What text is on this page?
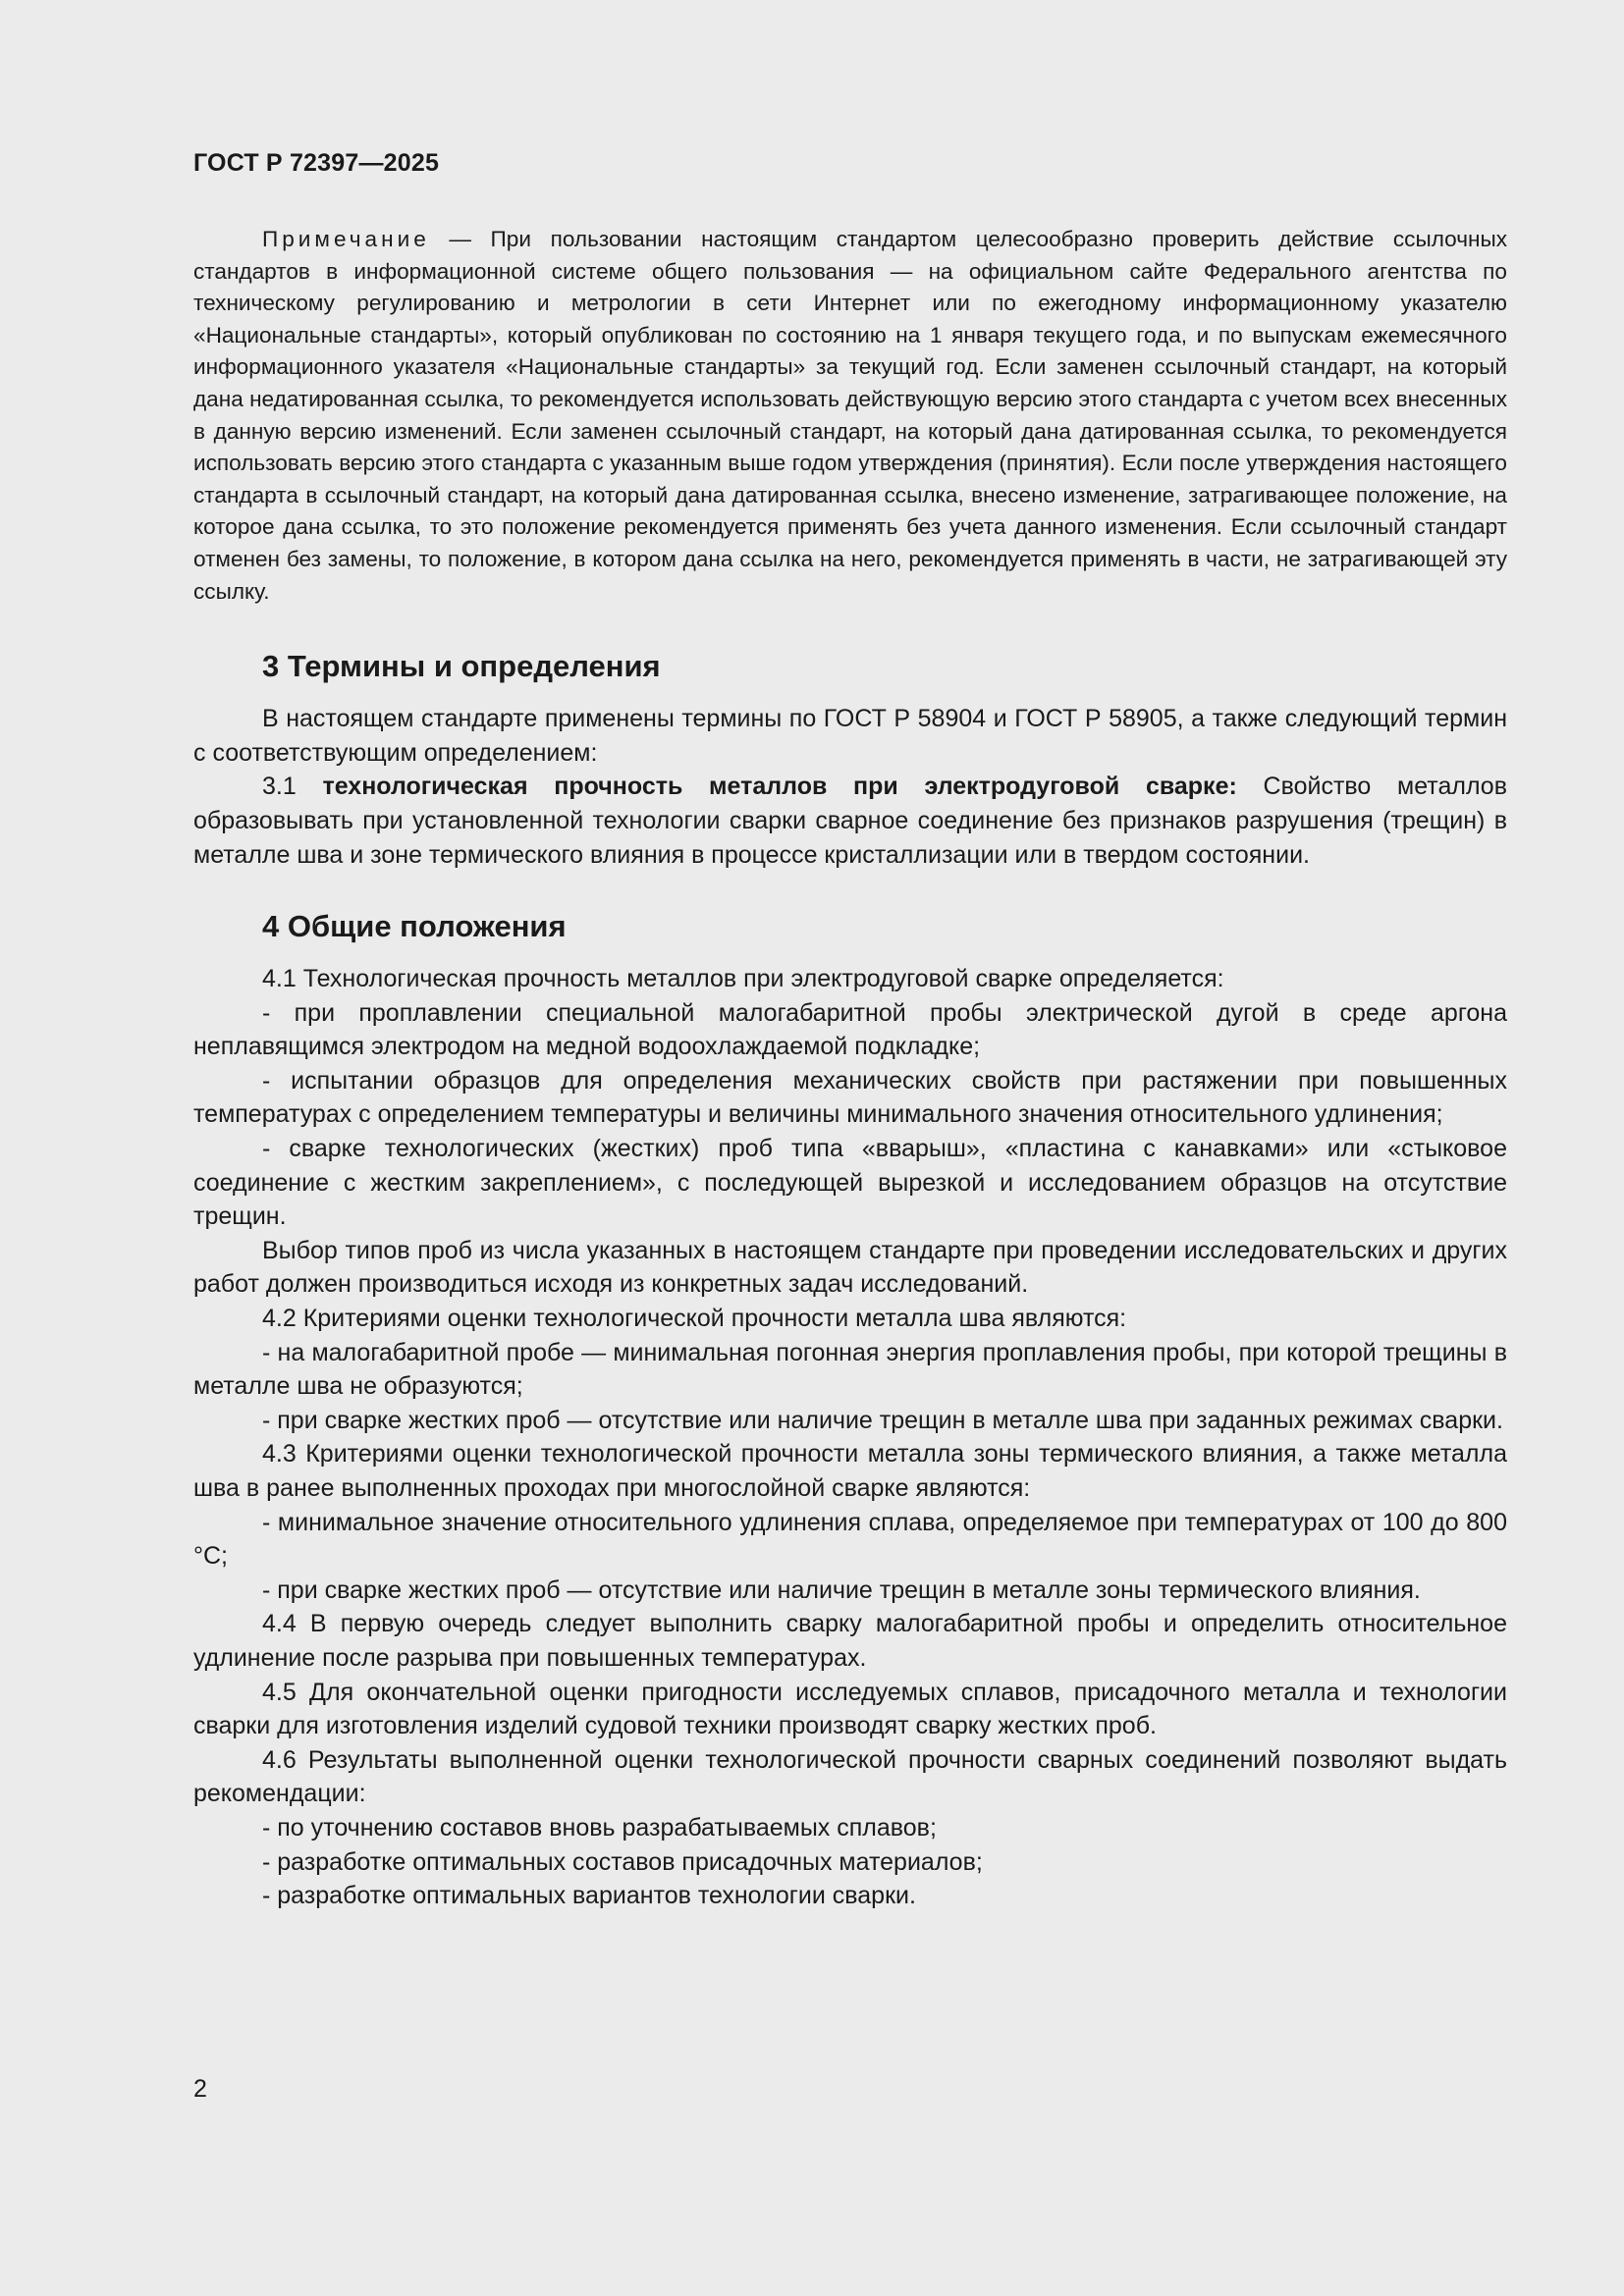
ГОСТ Р 72397—2025

Примечание — При пользовании настоящим стандартом целесообразно проверить действие ссылочных стандартов в информационной системе общего пользования — на официальном сайте Федерального агентства по техническому регулированию и метрологии в сети Интернет или по ежегодному информационному указателю «Национальные стандарты», который опубликован по состоянию на 1 января текущего года, и по выпускам ежемесячного информационного указателя «Национальные стандарты» за текущий год. Если заменен ссылочный стандарт, на который дана недатированная ссылка, то рекомендуется использовать действующую версию этого стандарта с учетом всех внесенных в данную версию изменений. Если заменен ссылочный стандарт, на который дана датированная ссылка, то рекомендуется использовать версию этого стандарта с указанным выше годом утверждения (принятия). Если после утверждения настоящего стандарта в ссылочный стандарт, на который дана датированная ссылка, внесено изменение, затрагивающее положение, на которое дана ссылка, то это положение рекомендуется применять без учета данного изменения. Если ссылочный стандарт отменен без замены, то положение, в котором дана ссылка на него, рекомендуется применять в части, не затрагивающей эту ссылку.

3 Термины и определения

В настоящем стандарте применены термины по ГОСТ Р 58904 и ГОСТ Р 58905, а также следующий термин с соответствующим определением:

3.1 технологическая прочность металлов при электродуговой сварке: Свойство металлов образовывать при установленной технологии сварки сварное соединение без признаков разрушения (трещин) в металле шва и зоне термического влияния в процессе кристаллизации или в твердом состоянии.

4 Общие положения

4.1 Технологическая прочность металлов при электродуговой сварке определяется:

- при проплавлении специальной малогабаритной пробы электрической дугой в среде аргона неплавящимся электродом на медной водоохлаждаемой подкладке;

- испытании образцов для определения механических свойств при растяжении при повышенных температурах с определением температуры и величины минимального значения относительного удлинения;

- сварке технологических (жестких) проб типа «вварыш», «пластина с канавками» или «стыковое соединение с жестким закреплением», с последующей вырезкой и исследованием образцов на отсутствие трещин.

Выбор типов проб из числа указанных в настоящем стандарте при проведении исследовательских и других работ должен производиться исходя из конкретных задач исследований.

4.2 Критериями оценки технологической прочности металла шва являются:

- на малогабаритной пробе — минимальная погонная энергия проплавления пробы, при которой трещины в металле шва не образуются;

- при сварке жестких проб — отсутствие или наличие трещин в металле шва при заданных режимах сварки.

4.3 Критериями оценки технологической прочности металла зоны термического влияния, а также металла шва в ранее выполненных проходах при многослойной сварке являются:

- минимальное значение относительного удлинения сплава, определяемое при температурах от 100 до 800 °С;

- при сварке жестких проб — отсутствие или наличие трещин в металле зоны термического влияния.

4.4 В первую очередь следует выполнить сварку малогабаритной пробы и определить относительное удлинение после разрыва при повышенных температурах.

4.5 Для окончательной оценки пригодности исследуемых сплавов, присадочного металла и технологии сварки для изготовления изделий судовой техники производят сварку жестких проб.

4.6 Результаты выполненной оценки технологической прочности сварных соединений позволяют выдать рекомендации:

- по уточнению составов вновь разрабатываемых сплавов;

- разработке оптимальных составов присадочных материалов;

- разработке оптимальных вариантов технологии сварки.

2
